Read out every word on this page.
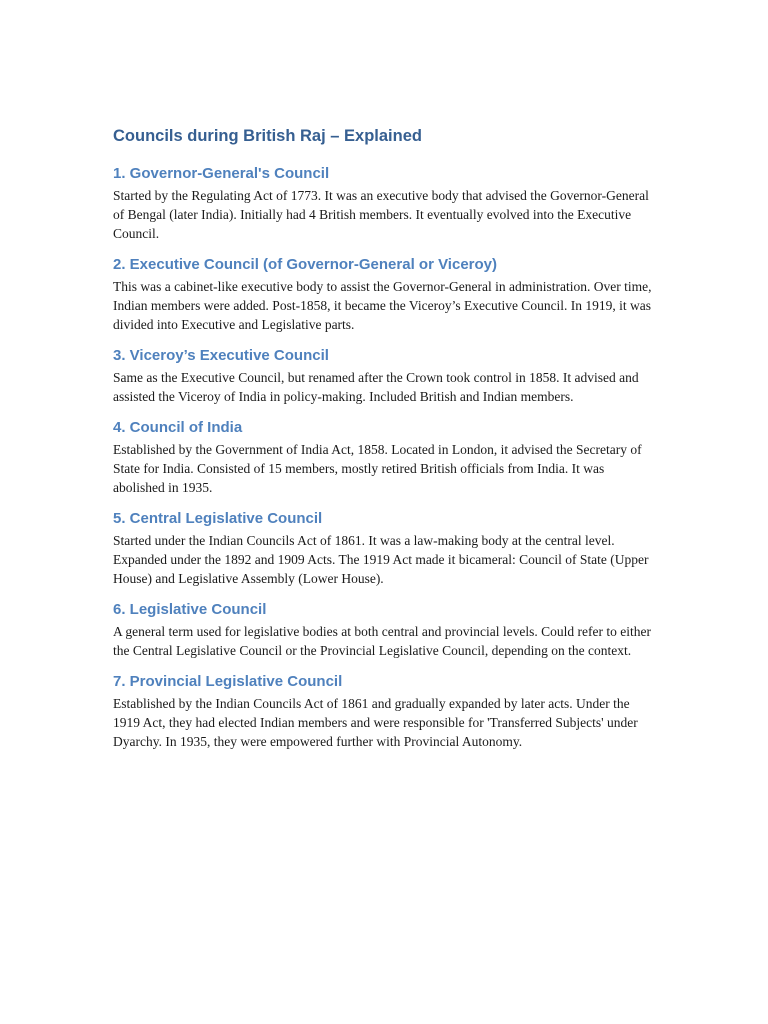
Councils during British Raj – Explained
1. Governor-General's Council

Started by the Regulating Act of 1773. It was an executive body that advised the Governor-General of Bengal (later India). Initially had 4 British members. It eventually evolved into the Executive Council.

2. Executive Council (of Governor-General or Viceroy)

This was a cabinet-like executive body to assist the Governor-General in administration. Over time, Indian members were added. Post-1858, it became the Viceroy’s Executive Council. In 1919, it was divided into Executive and Legislative parts.

3. Viceroy’s Executive Council

Same as the Executive Council, but renamed after the Crown took control in 1858. It advised and assisted the Viceroy of India in policy-making. Included British and Indian members.

4. Council of India

Established by the Government of India Act, 1858. Located in London, it advised the Secretary of State for India. Consisted of 15 members, mostly retired British officials from India. It was abolished in 1935.

5. Central Legislative Council

Started under the Indian Councils Act of 1861. It was a law-making body at the central level. Expanded under the 1892 and 1909 Acts. The 1919 Act made it bicameral: Council of State (Upper House) and Legislative Assembly (Lower House).

6. Legislative Council

A general term used for legislative bodies at both central and provincial levels. Could refer to either the Central Legislative Council or the Provincial Legislative Council, depending on the context.

7. Provincial Legislative Council

Established by the Indian Councils Act of 1861 and gradually expanded by later acts. Under the 1919 Act, they had elected Indian members and were responsible for 'Transferred Subjects' under Dyarchy. In 1935, they were empowered further with Provincial Autonomy.
